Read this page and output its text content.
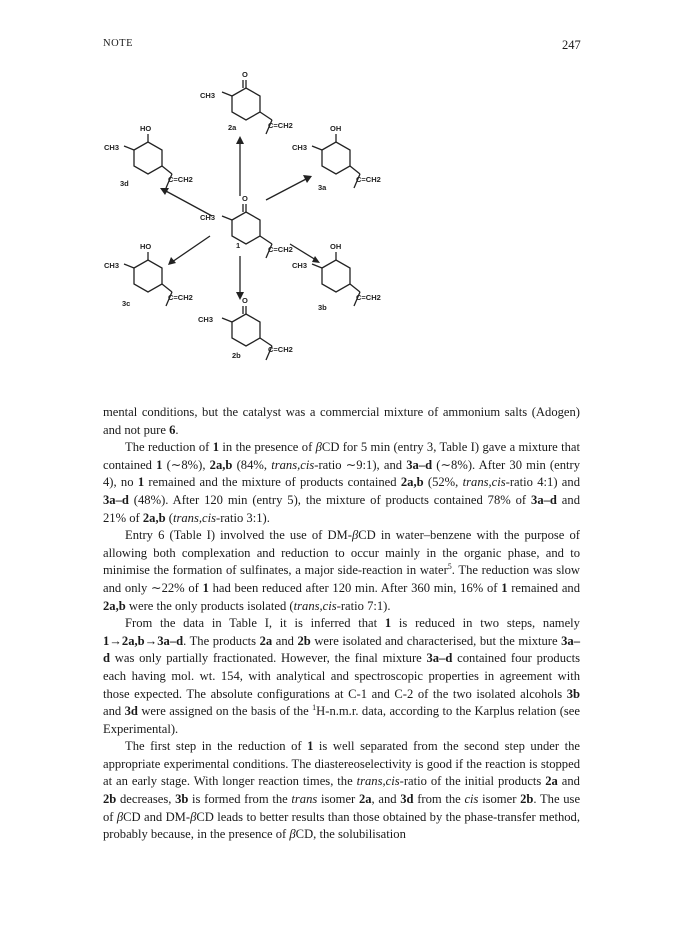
NOTE	247
O
CH3
C=CH2
2a
O
CH3
C=CH2
1
O
CH3
C=CH2
2b
HO
CH3
C=CH2
3d
OH
CH3
C=CH2
3a
HO
CH3
C=CH2
3c
OH
CH3
C=CH2
3b

mental conditions, but the catalyst was a commercial mixture of ammonium salts (Adogen) and not pure 6.

The reduction of 1 in the presence of βCD for 5 min (entry 3, Table I) gave a mixture that contained 1 (∼8%), 2a,b (84%, trans,cis-ratio ∼9:1), and 3a–d (∼8%). After 30 min (entry 4), no 1 remained and the mixture of products contained 2a,b (52%, trans,cis-ratio 4:1) and 3a–d (48%). After 120 min (entry 5), the mixture of products contained 78% of 3a–d and 21% of 2a,b (trans,cis-ratio 3:1).

Entry 6 (Table I) involved the use of DM-βCD in water–benzene with the purpose of allowing both complexation and reduction to occur mainly in the organic phase, and to minimise the formation of sulfinates, a major side-reaction in water$^5$. The reduction was slow and only ∼22% of 1 had been reduced after 120 min. After 360 min, 16% of 1 remained and 2a,b were the only products isolated (trans,cis-ratio 7:1).

From the data in Table I, it is inferred that 1 is reduced in two steps, namely 1→2a,b→3a–d. The products 2a and 2b were isolated and characterised, but the mixture 3a–d was only partially fractionated. However, the final mixture 3a–d contained four products each having mol. wt. 154, with analytical and spectroscopic properties in agreement with those expected. The absolute configurations at C-1 and C-2 of the two isolated alcohols 3b and 3d were assigned on the basis of the $^1$H-n.m.r. data, according to the Karplus relation (see Experimental).

The first step in the reduction of 1 is well separated from the second step under the appropriate experimental conditions. The diastereoselectivity is good if the reaction is stopped at an early stage. With longer reaction times, the trans,cis-ratio of the initial products 2a and 2b decreases, 3b is formed from the trans isomer 2a, and 3d from the cis isomer 2b. The use of βCD and DM-βCD leads to better results than those obtained by the phase-transfer method, probably because, in the presence of βCD, the solubilisation
